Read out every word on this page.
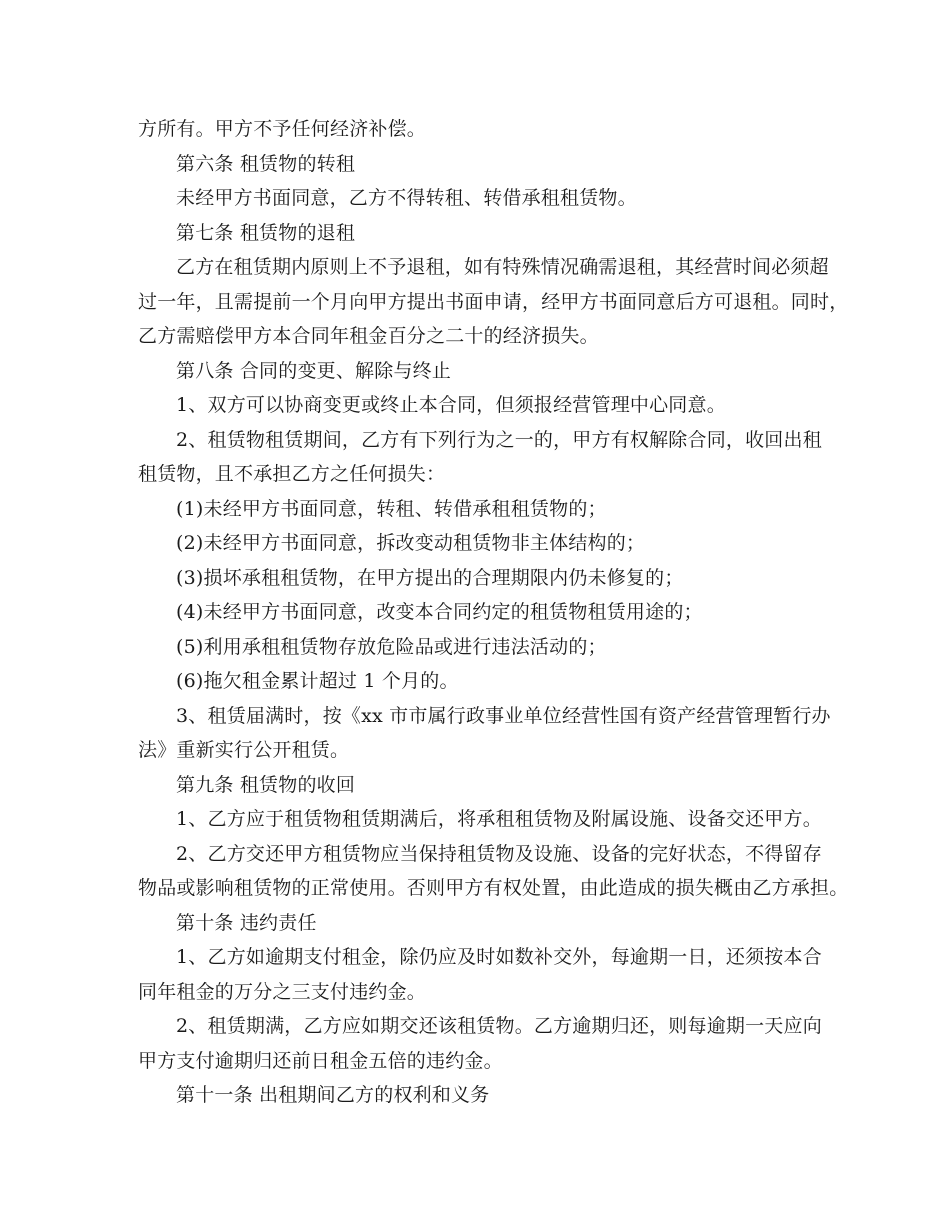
方所有。甲方不予任何经济补偿。
第六条 租赁物的转租
未经甲方书面同意，乙方不得转租、转借承租租赁物。
第七条 租赁物的退租
乙方在租赁期内原则上不予退租，如有特殊情况确需退租，其经营时间必须超
过一年，且需提前一个月向甲方提出书面申请，经甲方书面同意后方可退租。同时，
乙方需赔偿甲方本合同年租金百分之二十的经济损失。
第八条 合同的变更、解除与终止
1、双方可以协商变更或终止本合同，但须报经营管理中心同意。
2、租赁物租赁期间，乙方有下列行为之一的，甲方有权解除合同，收回出租
租赁物，且不承担乙方之任何损失：
(1)未经甲方书面同意，转租、转借承租租赁物的；
(2)未经甲方书面同意，拆改变动租赁物非主体结构的；
(3)损坏承租租赁物，在甲方提出的合理期限内仍未修复的；
(4)未经甲方书面同意，改变本合同约定的租赁物租赁用途的；
(5)利用承租租赁物存放危险品或进行违法活动的；
(6)拖欠租金累计超过 1 个月的。
3、租赁届满时，按《xx 市市属行政事业单位经营性国有资产经营管理暂行办
法》重新实行公开租赁。
第九条 租赁物的收回
1、乙方应于租赁物租赁期满后，将承租租赁物及附属设施、设备交还甲方。
2、乙方交还甲方租赁物应当保持租赁物及设施、设备的完好状态，不得留存
物品或影响租赁物的正常使用。否则甲方有权处置，由此造成的损失概由乙方承担。
第十条 违约责任
1、乙方如逾期支付租金，除仍应及时如数补交外，每逾期一日，还须按本合
同年租金的万分之三支付违约金。
2、租赁期满，乙方应如期交还该租赁物。乙方逾期归还，则每逾期一天应向
甲方支付逾期归还前日租金五倍的违约金。
第十一条 出租期间乙方的权利和义务
